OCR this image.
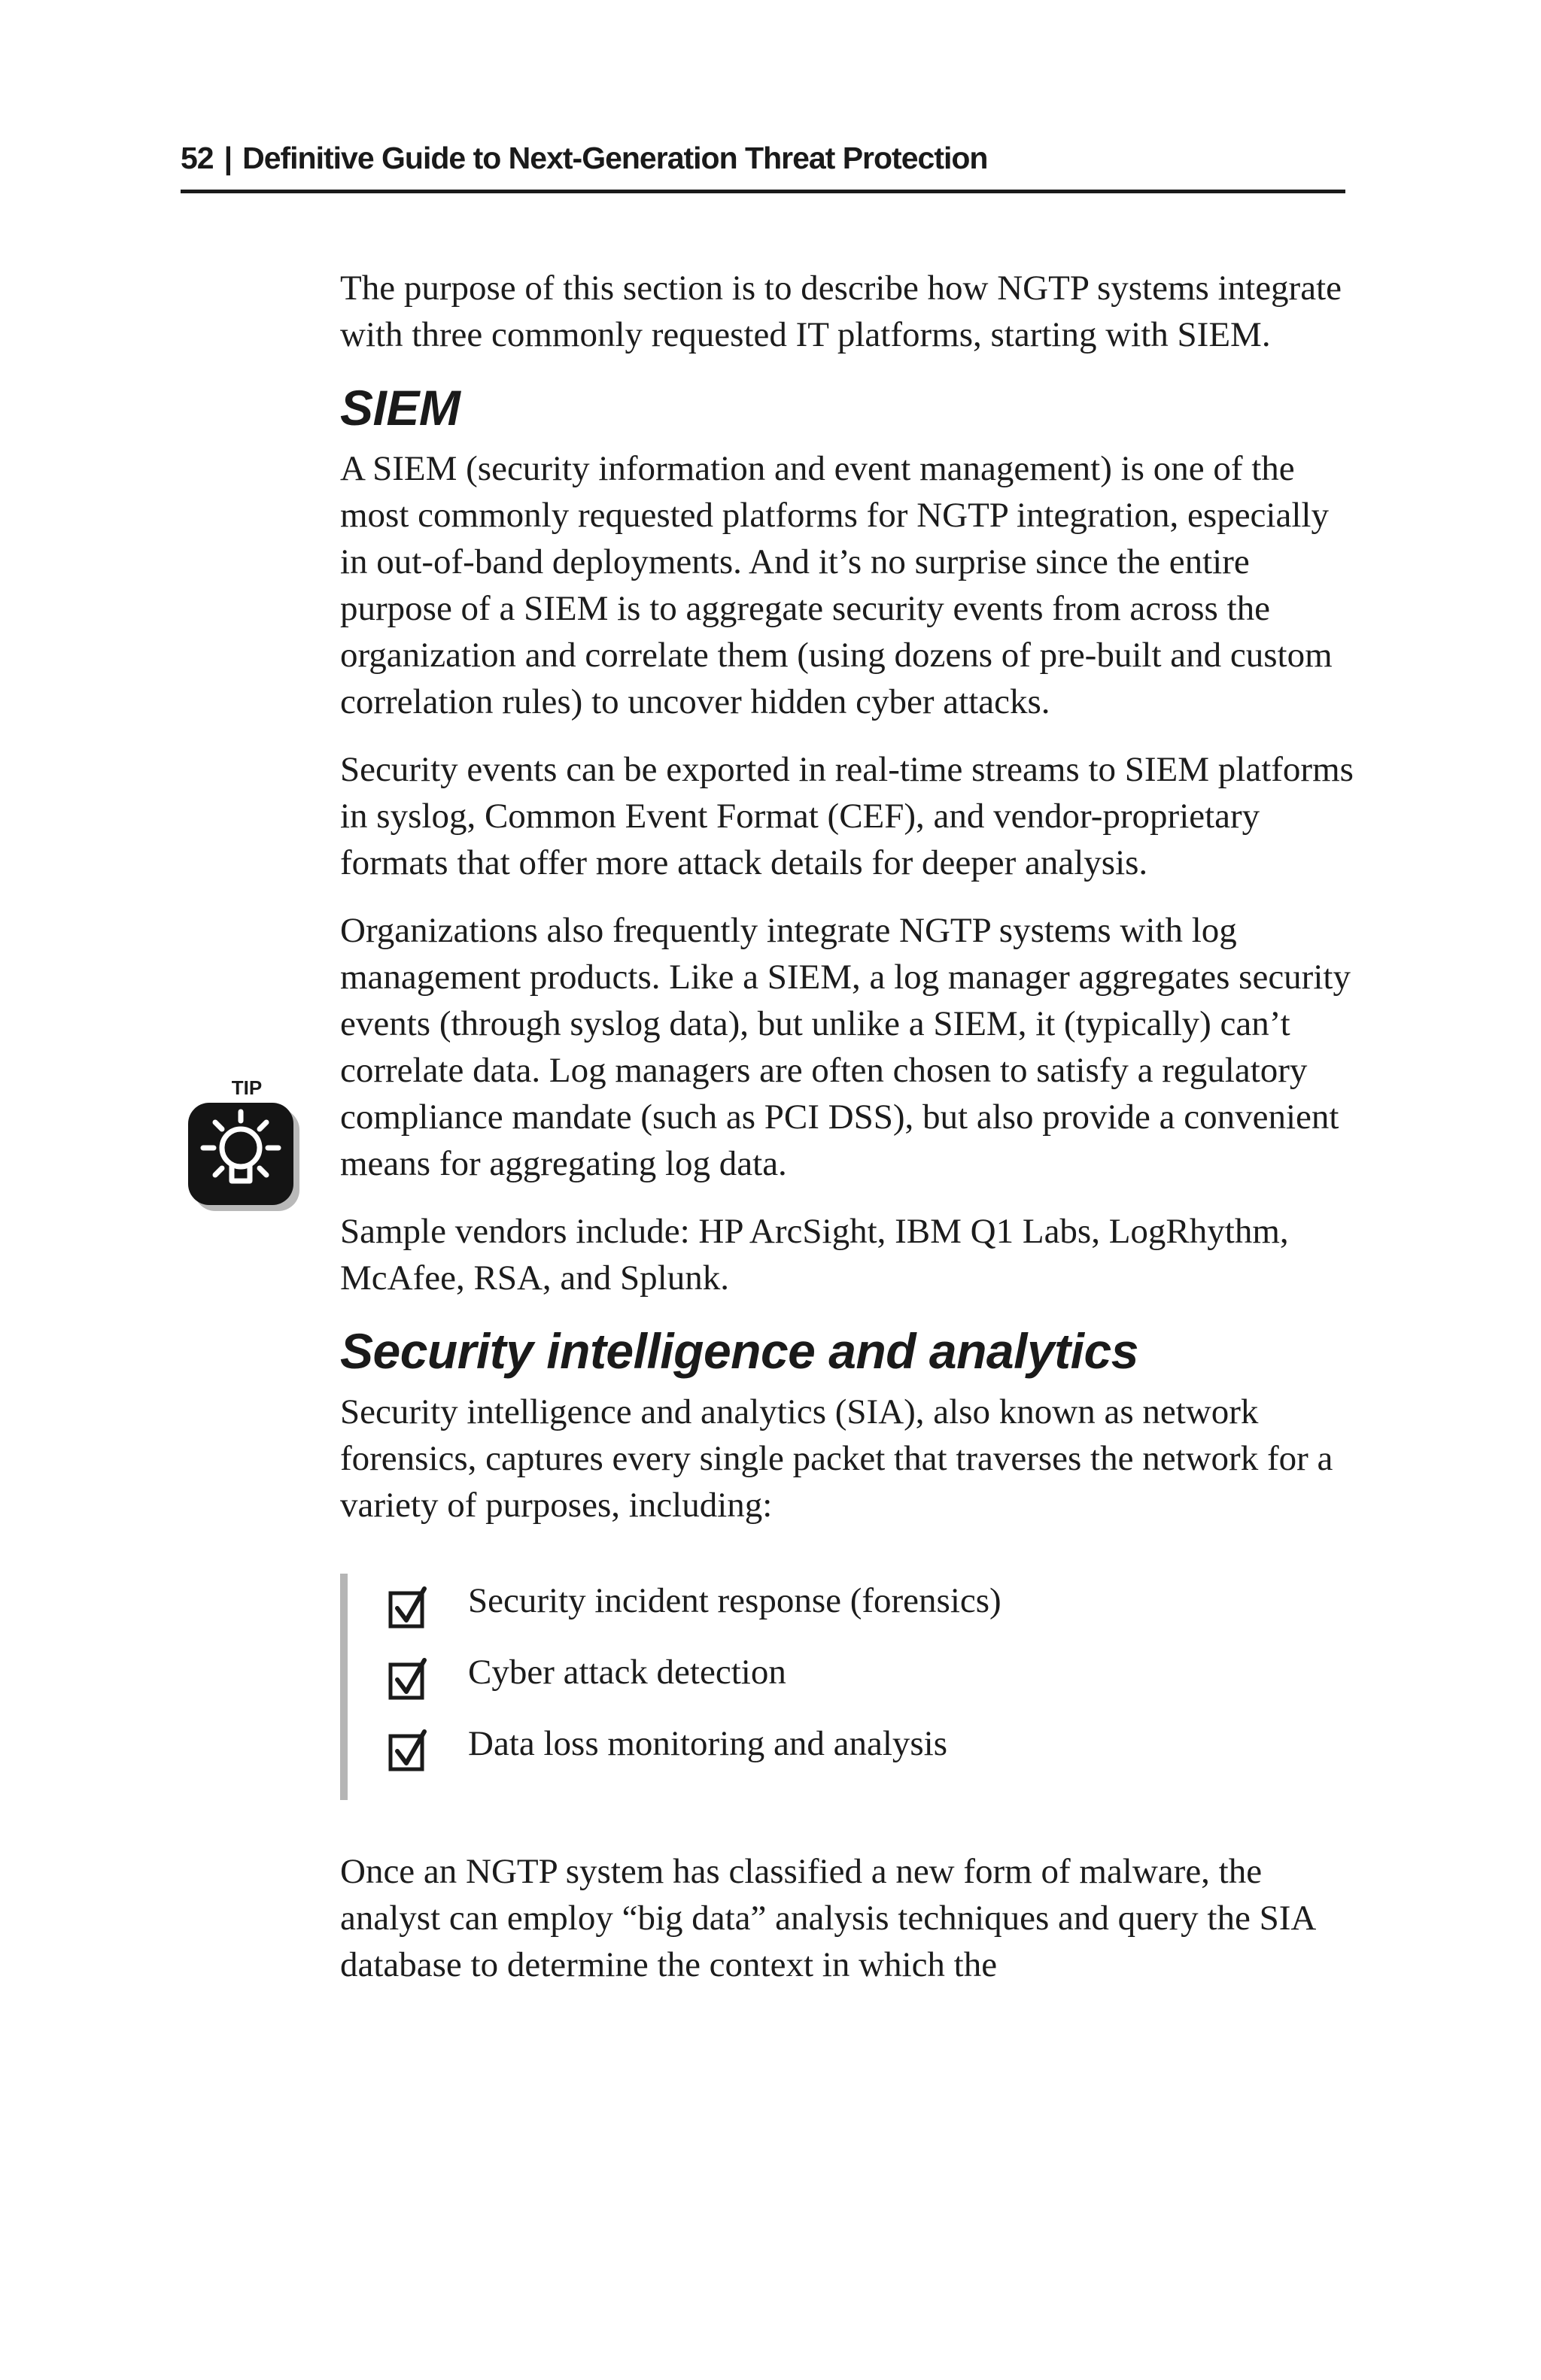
52 | Definitive Guide to Next-Generation Threat Protection
TIP

The purpose of this section is to describe how NGTP systems integrate with three commonly requested IT platforms, starting with SIEM.

SIEM

A SIEM (security information and event management) is one of the most commonly requested platforms for NGTP integration, especially in out-of-band deployments. And it’s no surprise since the entire purpose of a SIEM is to aggregate security events from across the organization and correlate them (using dozens of pre-built and custom correlation rules) to uncover hidden cyber attacks.

Security events can be exported in real-time streams to SIEM platforms in syslog, Common Event Format (CEF), and vendor-proprietary formats that offer more attack details for deeper analysis.

Organizations also frequently integrate NGTP systems with log management products. Like a SIEM, a log manager aggregates security events (through syslog data), but unlike a SIEM, it (typically) can’t correlate data. Log managers are often chosen to satisfy a regulatory compliance mandate (such as PCI DSS), but also provide a convenient means for aggregating log data.

Sample vendors include: HP ArcSight, IBM Q1 Labs, LogRhythm, McAfee, RSA, and Splunk.

Security intelligence and analytics

Security intelligence and analytics (SIA), also known as network forensics, captures every single packet that traverses the network for a variety of purposes, including:

Security incident response (forensics)
Cyber attack detection
Data loss monitoring and analysis

Once an NGTP system has classified a new form of malware, the analyst can employ “big data” analysis techniques and query the SIA database to determine the context in which the
